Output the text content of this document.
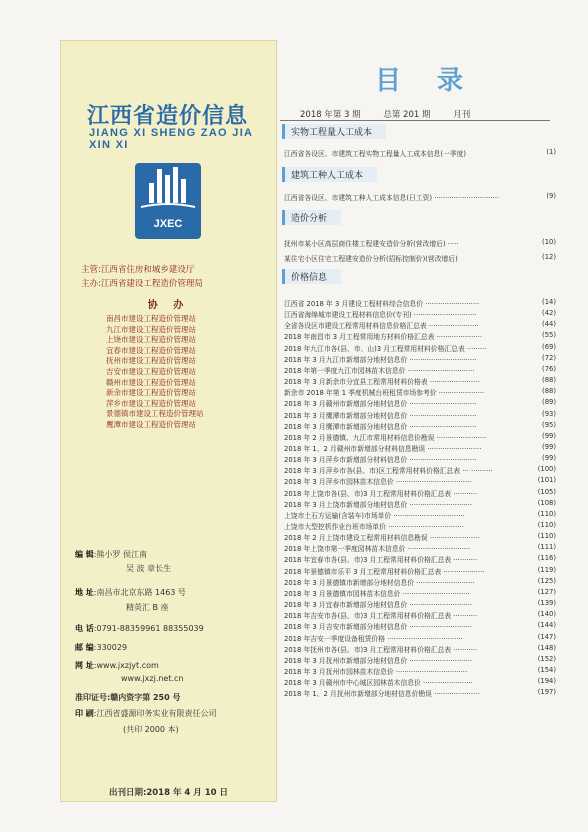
江西省造价信息
JIANG XI SHENG ZAO JIA XIN XI
JXEC
主管:江西省住房和城乡建设厅
主办:江西省建设工程造价管理局
协 办
南昌市建设工程造价管理站
九江市建设工程造价管理站
上饶市建设工程造价管理站
宜春市建设工程造价管理站
抚州市建设工程造价管理站
吉安市建设工程造价管理站
赣州市建设工程造价管理站
新余市建设工程造价管理站
萍乡市建设工程造价管理站
景德镇市建设工程造价管理站
鹰潭市建设工程造价管理站
编 辑:熊小罗 侯江南
吴 波 章长生
地 址:南昌市北京东路 1463 号
精英汇 B 座
电 话:0791-88359961 88355039
邮 编:330029
网 址:www.jxzjyt.com
www.jxzj.net.cn
准印证号:赣内资字第 250 号
印 刷:江西省盛源印务实业有限责任公司
(共印 2000 本)
出刊日期:2018 年 4 月 10 日
目录
2018 年第 3 期	总第 201 期	月刊
实物工程量人工成本
江西省各设区、市建筑工程实物工程量人工成本信息(一季度)	(1)
建筑工种人工成本
江西省各设区、市建筑工种人工成本信息(日工资) ······························	(9)
造价分析
抚州市某小区高层商住楼工程建安造价分析(营改增后) ·····	(10)
某住宅小区住宅工程建安造价分析(招标控制价)(营改增后)	(12)
价格信息
江西省 2018 年 3 月建设工程材料综合信息价 ·························	(14)
江西省海绵城市建设工程材料信息价(专刊) ·····························	(42)
全省各设区市建设工程常用材料信息价格汇总表 ·······················	(44)
2018 年南昌市 3 月工程常用地方材料价格汇总表 ·····················	(55)
2018 年九江市各(县、市、山)3 月工程常用材料价格汇总表 ·········	(69)
2018 年 3 月九江市新增部分地材信息价 ·······························	(72)
2018 年第一季度九江市园林苗木信息价 ·······························	(76)
2018 年 3 月新余市分宜县工程常用材料价格表 ·······················	(88)
新余市 2018 年第 1 季度机械台班租赁市场参考价 ·····················	(88)
2018 年 3 月赣州市新增部分地材信息价 ·······························	(89)
2018 年 3 月鹰潭市新增部分地材信息价 ·······························	(93)
2018 年 3 月鹰潭市新增部分地材信息价 ·······························	(95)
2018 年 2 月景德镇、九江市常用材料信息价勘误 ·······················	(99)
2018 年 1、2 月赣州市新增部分材料信息勘误 ·························	(99)
2018 年 3 月萍乡市新增部分材料信息价 ·······························	(99)
2018 年 3 月萍乡市各(县、市)区工程常用材料价格汇总表 ··· ··········	(100)
2018 年 3 月萍乡市园林苗木信息价 ···································	(101)
2018 年上饶市各(县、市)3 月工程常用材料价格汇总表 ···········	(105)
2018 年 3 月上饶市新增部分地材信息价 ·····························	(108)
上饶市土石方运输(含装车)市场单价 ·································	(110)
上饶市大型挖机作业台班市场单价 ···································	(110)
2018 年 2 月上饶市建设工程常用材料信息勘误 ·······················	(110)
2018 年上饶市第一季度园林苗木信息价 ·····························	(111)
2018 年宜春市各(县、市)3 月工程常用材料价格汇总表 ···········	(116)
2018 年景德镇市乐平 3 月工程常用材料价格汇总表 ···················	(119)
2018 年 3 月景德镇市新增部分地材信息价 ···························	(125)
2018 年 3 月景德镇市园林苗木信息价 ·······························	(127)
2018 年 3 月宜春市新增部分地材信息价 ·····························	(139)
2018 年吉安市各(县、市)3 月工程常用材料价格汇总表 ···········	(140)
2018 年 3 月吉安市新增部分地材信息价 ·····························	(144)
2018 年吉安一季度设备租赁价格 ···································	(147)
2018 年抚州市各(县、市)3 月工程常用材料价格汇总表 ···········	(148)
2018 年 3 月抚州市新增部分地材信息价 ·····························	(152)
2018 年 3 月抚州市园林苗木信息价 ·································	(154)
2018 年 3 月赣州市中心城区园林苗木信息价 ·······················	(194)
2018 年 1、2 月抚州市新增部分地材信息价勘误 ·····················	(197)
